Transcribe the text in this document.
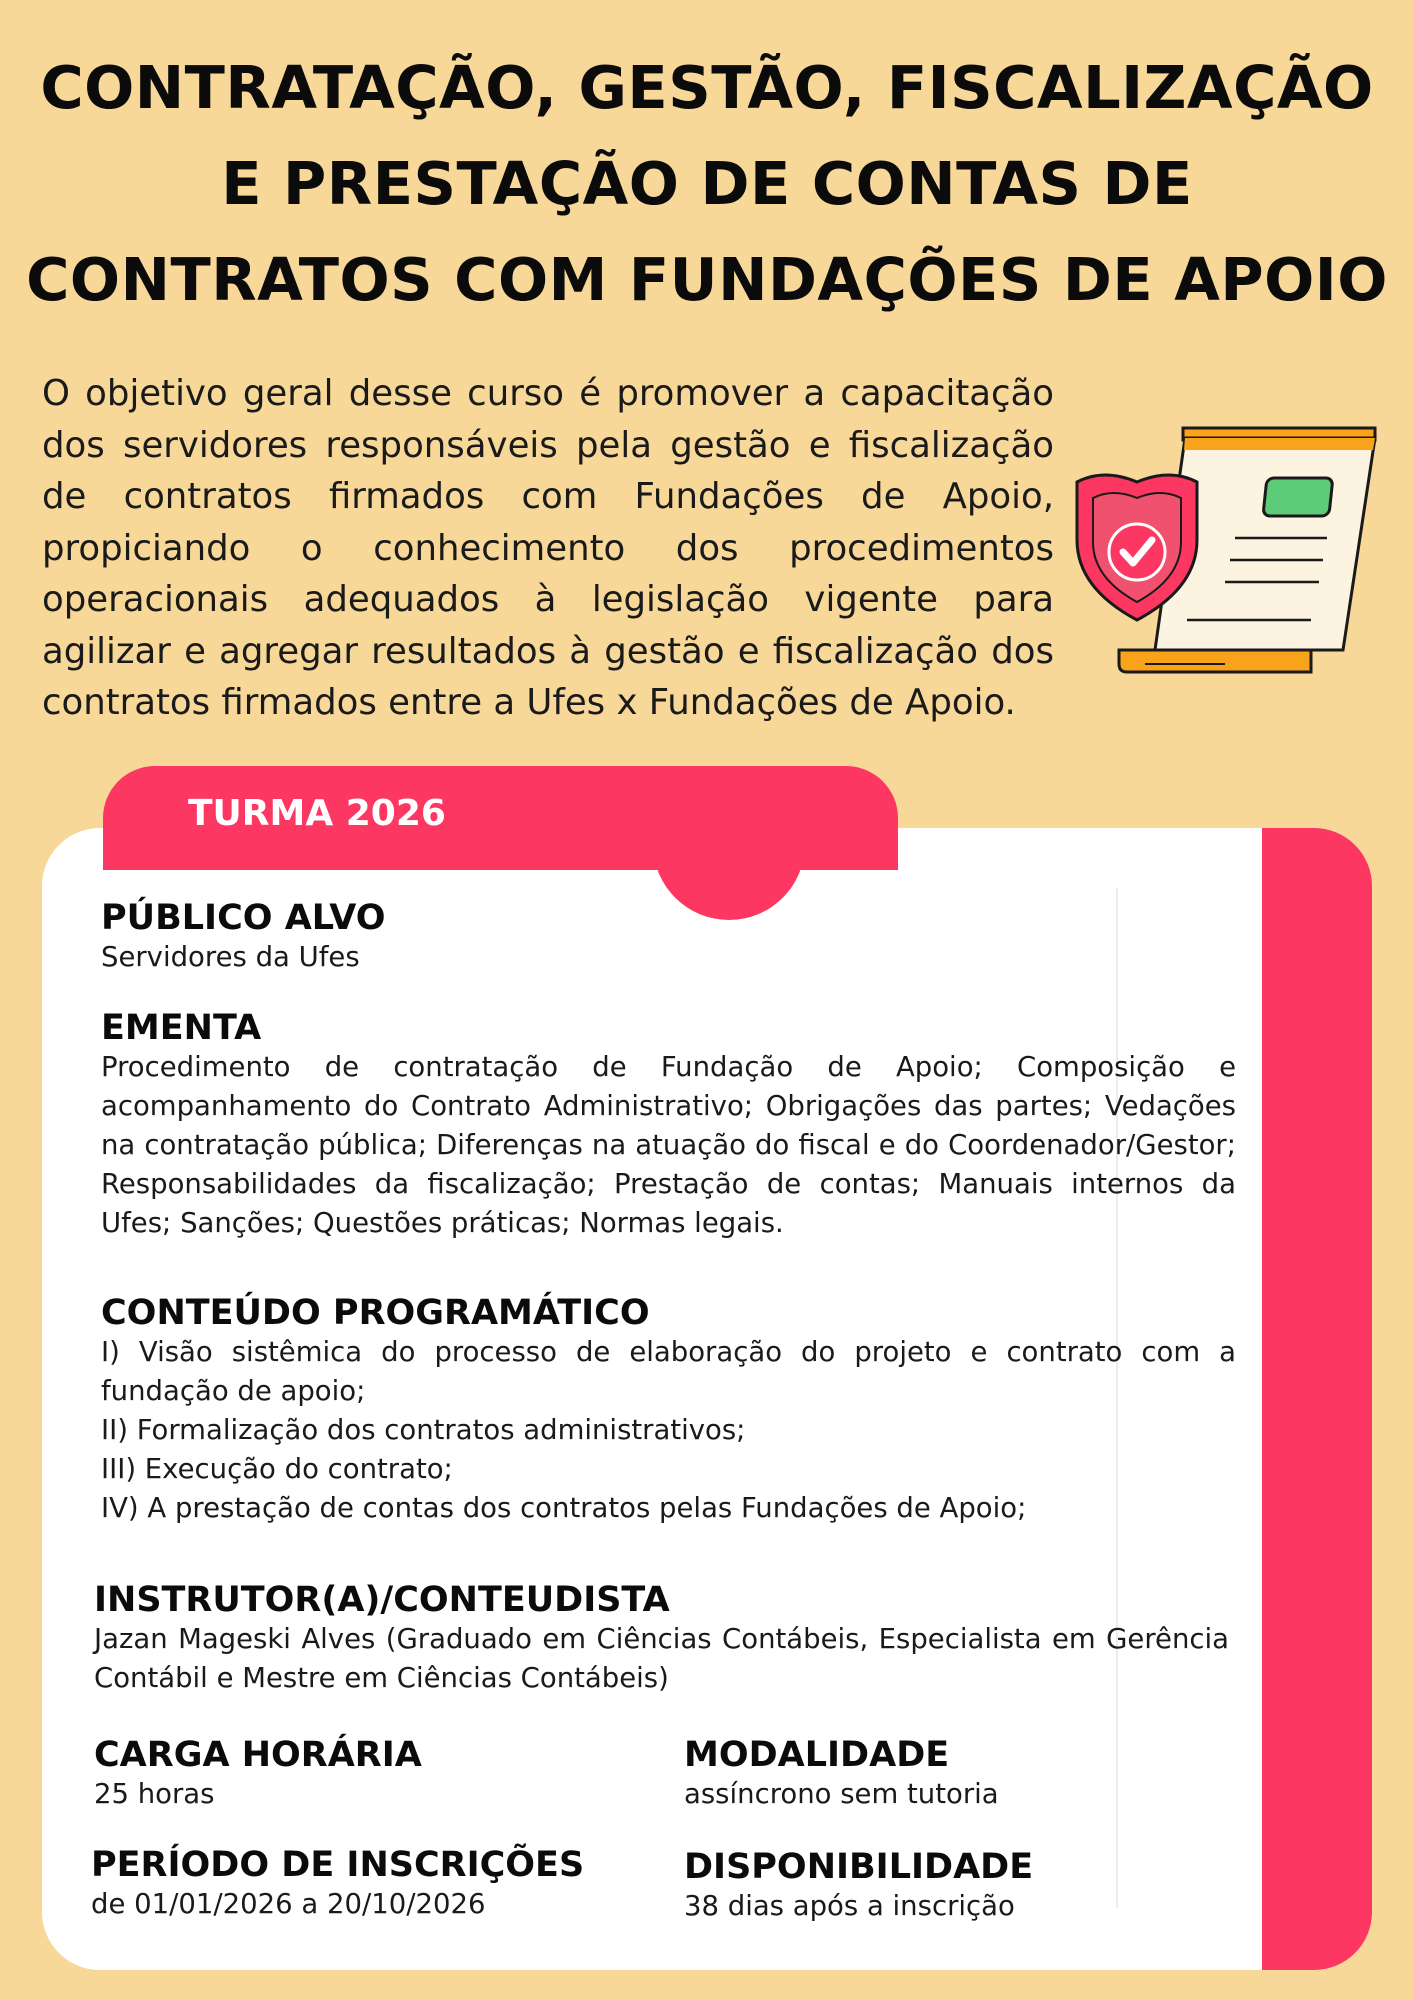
CONTRATAÇÃO, GESTÃO, FISCALIZAÇÃO
E PRESTAÇÃO DE CONTAS DE
CONTRATOS COM FUNDAÇÕES DE APOIO

O objetivo geral desse curso é promover a capacitação dos servidores responsáveis pela gestão e fiscalização de contratos firmados com Fundações de Apoio, propiciando o conhecimento dos procedimentos operacionais adequados à legislação vigente para agilizar e agregar resultados à gestão e fiscalização dos contratos firmados entre a Ufes x Fundações de Apoio.

TURMA 2026
PÚBLICO ALVO

Servidores da Ufes

EMENTA

Procedimento de contratação de Fundação de Apoio; Composição e acompanhamento do Contrato Administrativo; Obrigações das partes; Vedações na contratação pública; Diferenças na atuação do fiscal e do Coordenador/Gestor; Responsabilidades da fiscalização; Prestação de contas; Manuais internos da Ufes; Sanções; Questões práticas; Normas legais.

CONTEÚDO PROGRAMÁTICO

I) Visão sistêmica do processo de elaboração do projeto e contrato com a fundação de apoio;
II) Formalização dos contratos administrativos;
III) Execução do contrato;
IV) A prestação de contas dos contratos pelas Fundações de Apoio;

INSTRUTOR(A)/CONTEUDISTA

Jazan Mageski Alves (Graduado em Ciências Contábeis, Especialista em Gerência Contábil e Mestre em Ciências Contábeis)

CARGA HORÁRIA

25 horas

MODALIDADE

assíncrono sem tutoria

PERÍODO DE INSCRIÇÕES

de 01/01/2026 a 20/10/2026

DISPONIBILIDADE

38 dias após a inscrição
